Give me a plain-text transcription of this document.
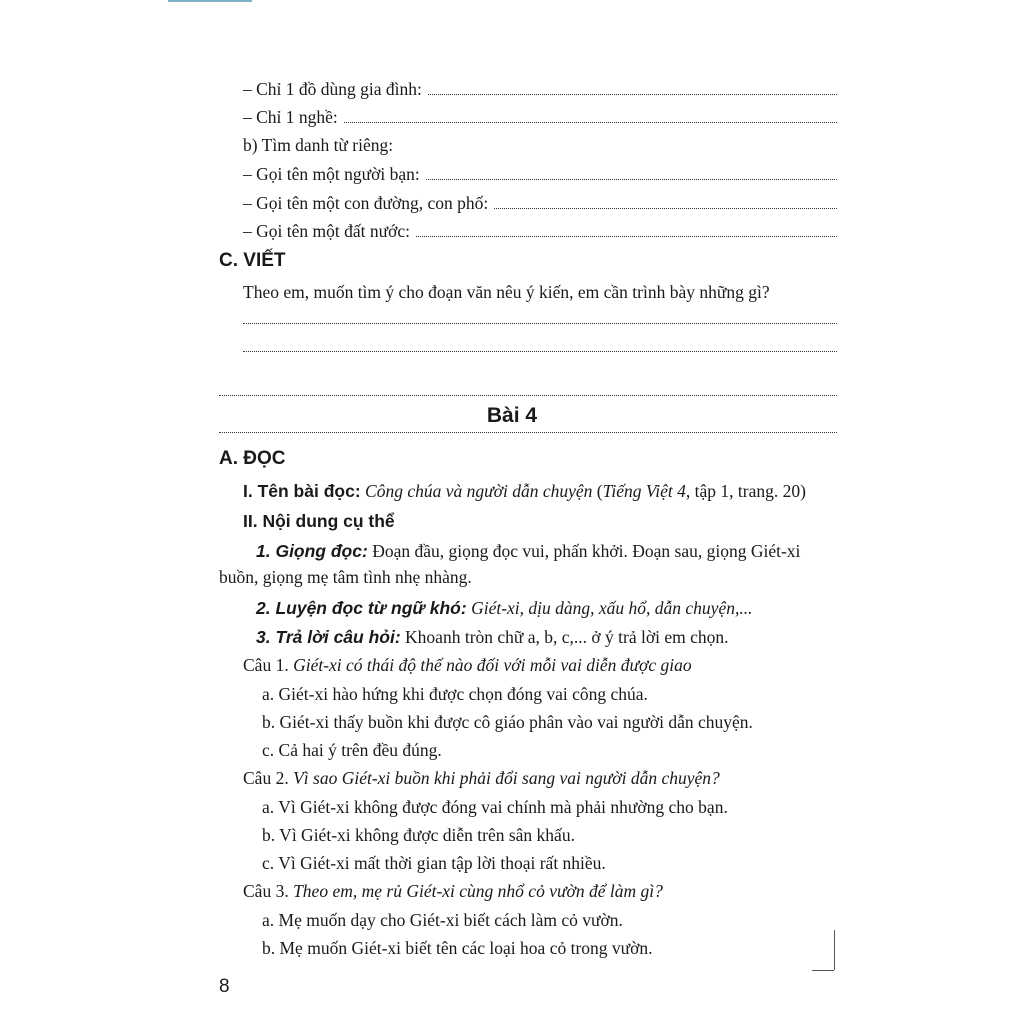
– Chỉ 1 đồ dùng gia đình:
– Chỉ 1 nghề:
b) Tìm danh từ riêng:
– Gọi tên một người bạn:
– Gọi tên một con đường, con phố:
– Gọi tên một đất nước:
C. VIẾT
Theo em, muốn tìm ý cho đoạn văn nêu ý kiến, em cần trình bày những gì?
Bài 4
A. ĐỌC
I. Tên bài đọc: Công chúa và người dẫn chuyện (Tiếng Việt 4, tập 1, trang. 20)
II. Nội dung cụ thể
1. Giọng đọc: Đoạn đầu, giọng đọc vui, phấn khởi. Đoạn sau, giọng Giét-xi
buồn, giọng mẹ tâm tình nhẹ nhàng.
2. Luyện đọc từ ngữ khó: Giét-xi, dịu dàng, xấu hổ, dẫn chuyện,...
3. Trả lời câu hỏi: Khoanh tròn chữ a, b, c,... ở ý trả lời em chọn.
Câu 1. Giét-xi có thái độ thế nào đối với mỗi vai diễn được giao
a. Giét-xi hào hứng khi được chọn đóng vai công chúa.
b. Giét-xi thấy buồn khi được cô giáo phân vào vai người dẫn chuyện.
c. Cả hai ý trên đều đúng.
Câu 2. Vì sao Giét-xi buồn khi phải đổi sang vai người dẫn chuyện?
a. Vì Giét-xi không được đóng vai chính mà phải nhường cho bạn.
b. Vì Giét-xi không được diễn trên sân khấu.
c. Vì Giét-xi mất thời gian tập lời thoại rất nhiều.
Câu 3. Theo em, mẹ rủ Giét-xi cùng nhổ cỏ vườn để làm gì?
a. Mẹ muốn dạy cho Giét-xi biết cách làm cỏ vườn.
b. Mẹ muốn Giét-xi biết tên các loại hoa cỏ trong vườn.
8
